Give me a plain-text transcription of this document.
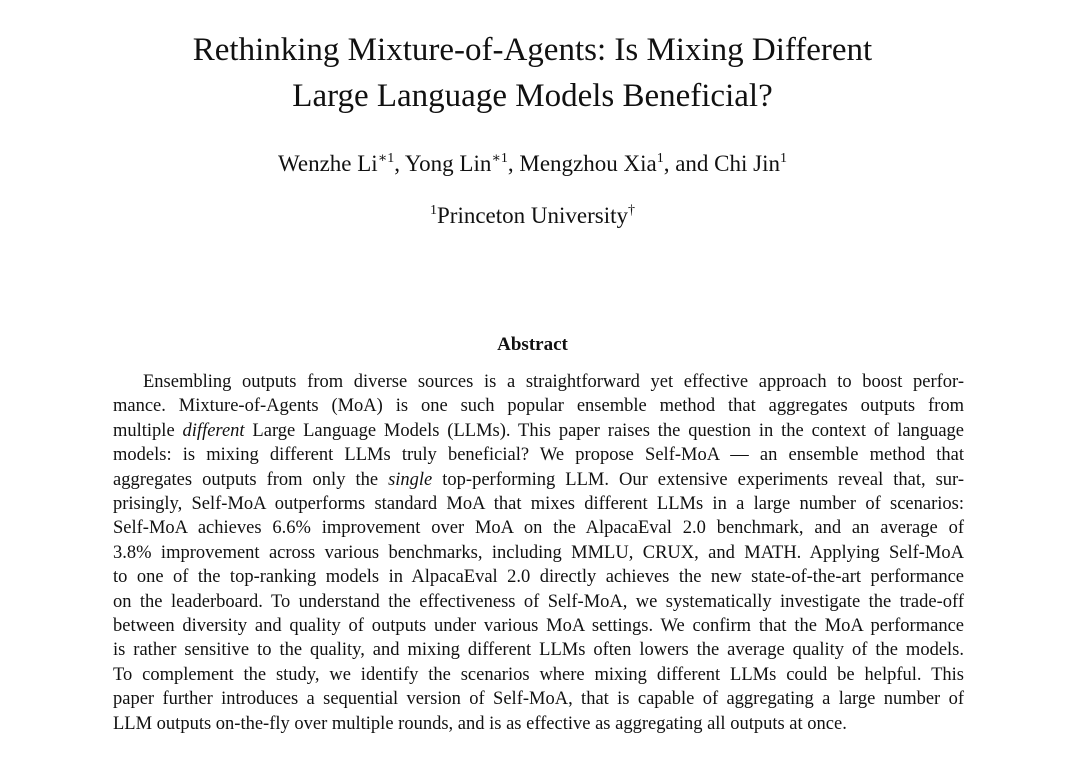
Rethinking Mixture-of-Agents: Is Mixing Different
Large Language Models Beneficial?
Wenzhe $Li^{∗1}$, Yong Lin$^{∗1}$, Mengzhou Xia$^1$, and Chi Jin$^1$
$^1$Princeton University†
Abstract
Ensembling outputs from diverse sources is a straightforward yet effective approach to boost perfor-
mance. Mixture-of-Agents (MoA) is one such popular ensemble method that aggregates outputs from
multiple different Large Language Models (LLMs). This paper raises the question in the context of language
models: is mixing different LLMs truly beneficial? We propose Self-MoA — an ensemble method that
aggregates outputs from only the single top-performing LLM. Our extensive experiments reveal that, sur-
prisingly, Self-MoA outperforms standard MoA that mixes different LLMs in a large number of scenarios:
Self-MoA achieves 6.6% improvement over MoA on the AlpacaEval 2.0 benchmark, and an average of
3.8% improvement across various benchmarks, including MMLU, CRUX, and MATH. Applying Self-MoA
to one of the top-ranking models in AlpacaEval 2.0 directly achieves the new state-of-the-art performance
on the leaderboard. To understand the effectiveness of Self-MoA, we systematically investigate the trade-off
between diversity and quality of outputs under various MoA settings. We confirm that the MoA performance
is rather sensitive to the quality, and mixing different LLMs often lowers the average quality of the models.
To complement the study, we identify the scenarios where mixing different LLMs could be helpful. This
paper further introduces a sequential version of Self-MoA, that is capable of aggregating a large number of
LLM outputs on-the-fly over multiple rounds, and is as effective as aggregating all outputs at once.
